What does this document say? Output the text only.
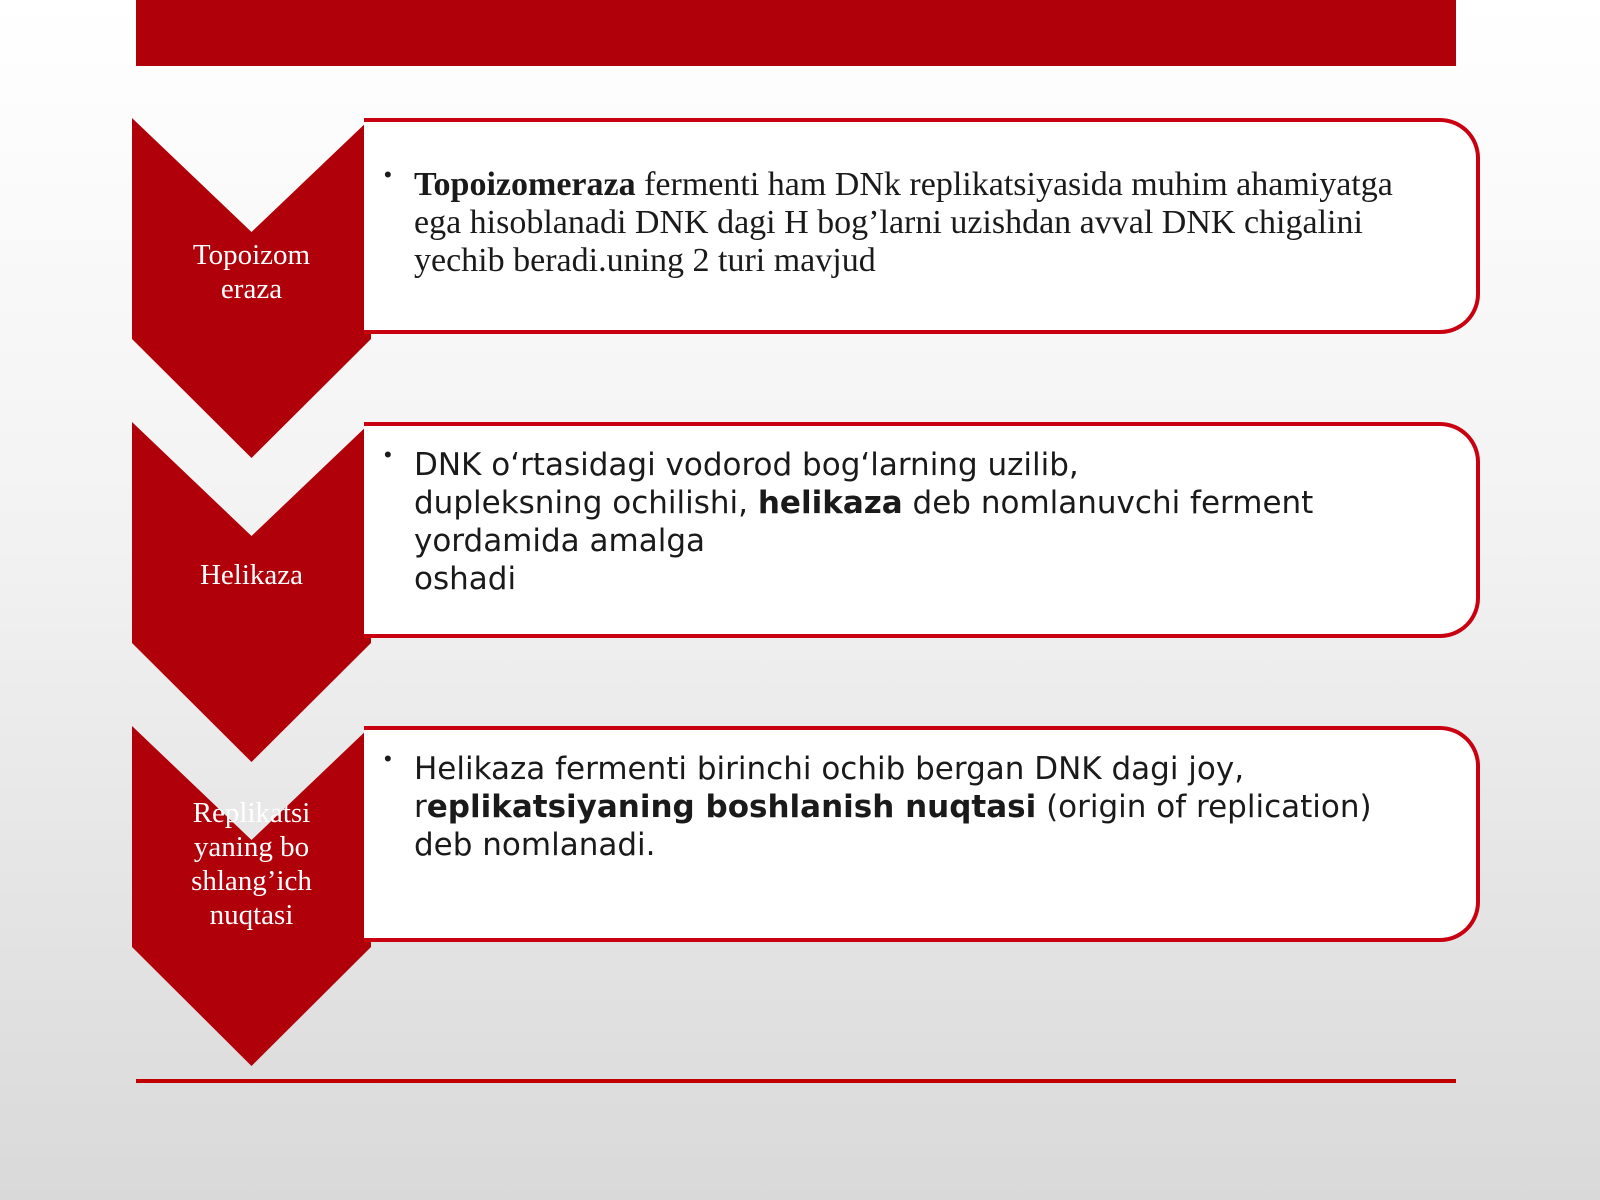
Topoizomeraza
• Topoizomeraza fermenti ham DNk replikatsiyasida muhim ahamiyatga
ega hisoblanadi DNK dagi H bog’larni uzishdan avval DNK chigalini
yechib beradi.uning 2 turi mavjud
Helikaza
• DNK o‘rtasidagi vodorod bog‘larning uzilib,
dupleksning ochilishi, helikaza deb nomlanuvchi ferment
yordamida amalga
oshadi
Replikatsiyaning boshlang’ich nuqtasi
• Helikaza fermenti birinchi ochib bergan DNK dagi joy,
replikatsiyaning boshlanish nuqtasi (origin of replication)
deb nomlanadi.
